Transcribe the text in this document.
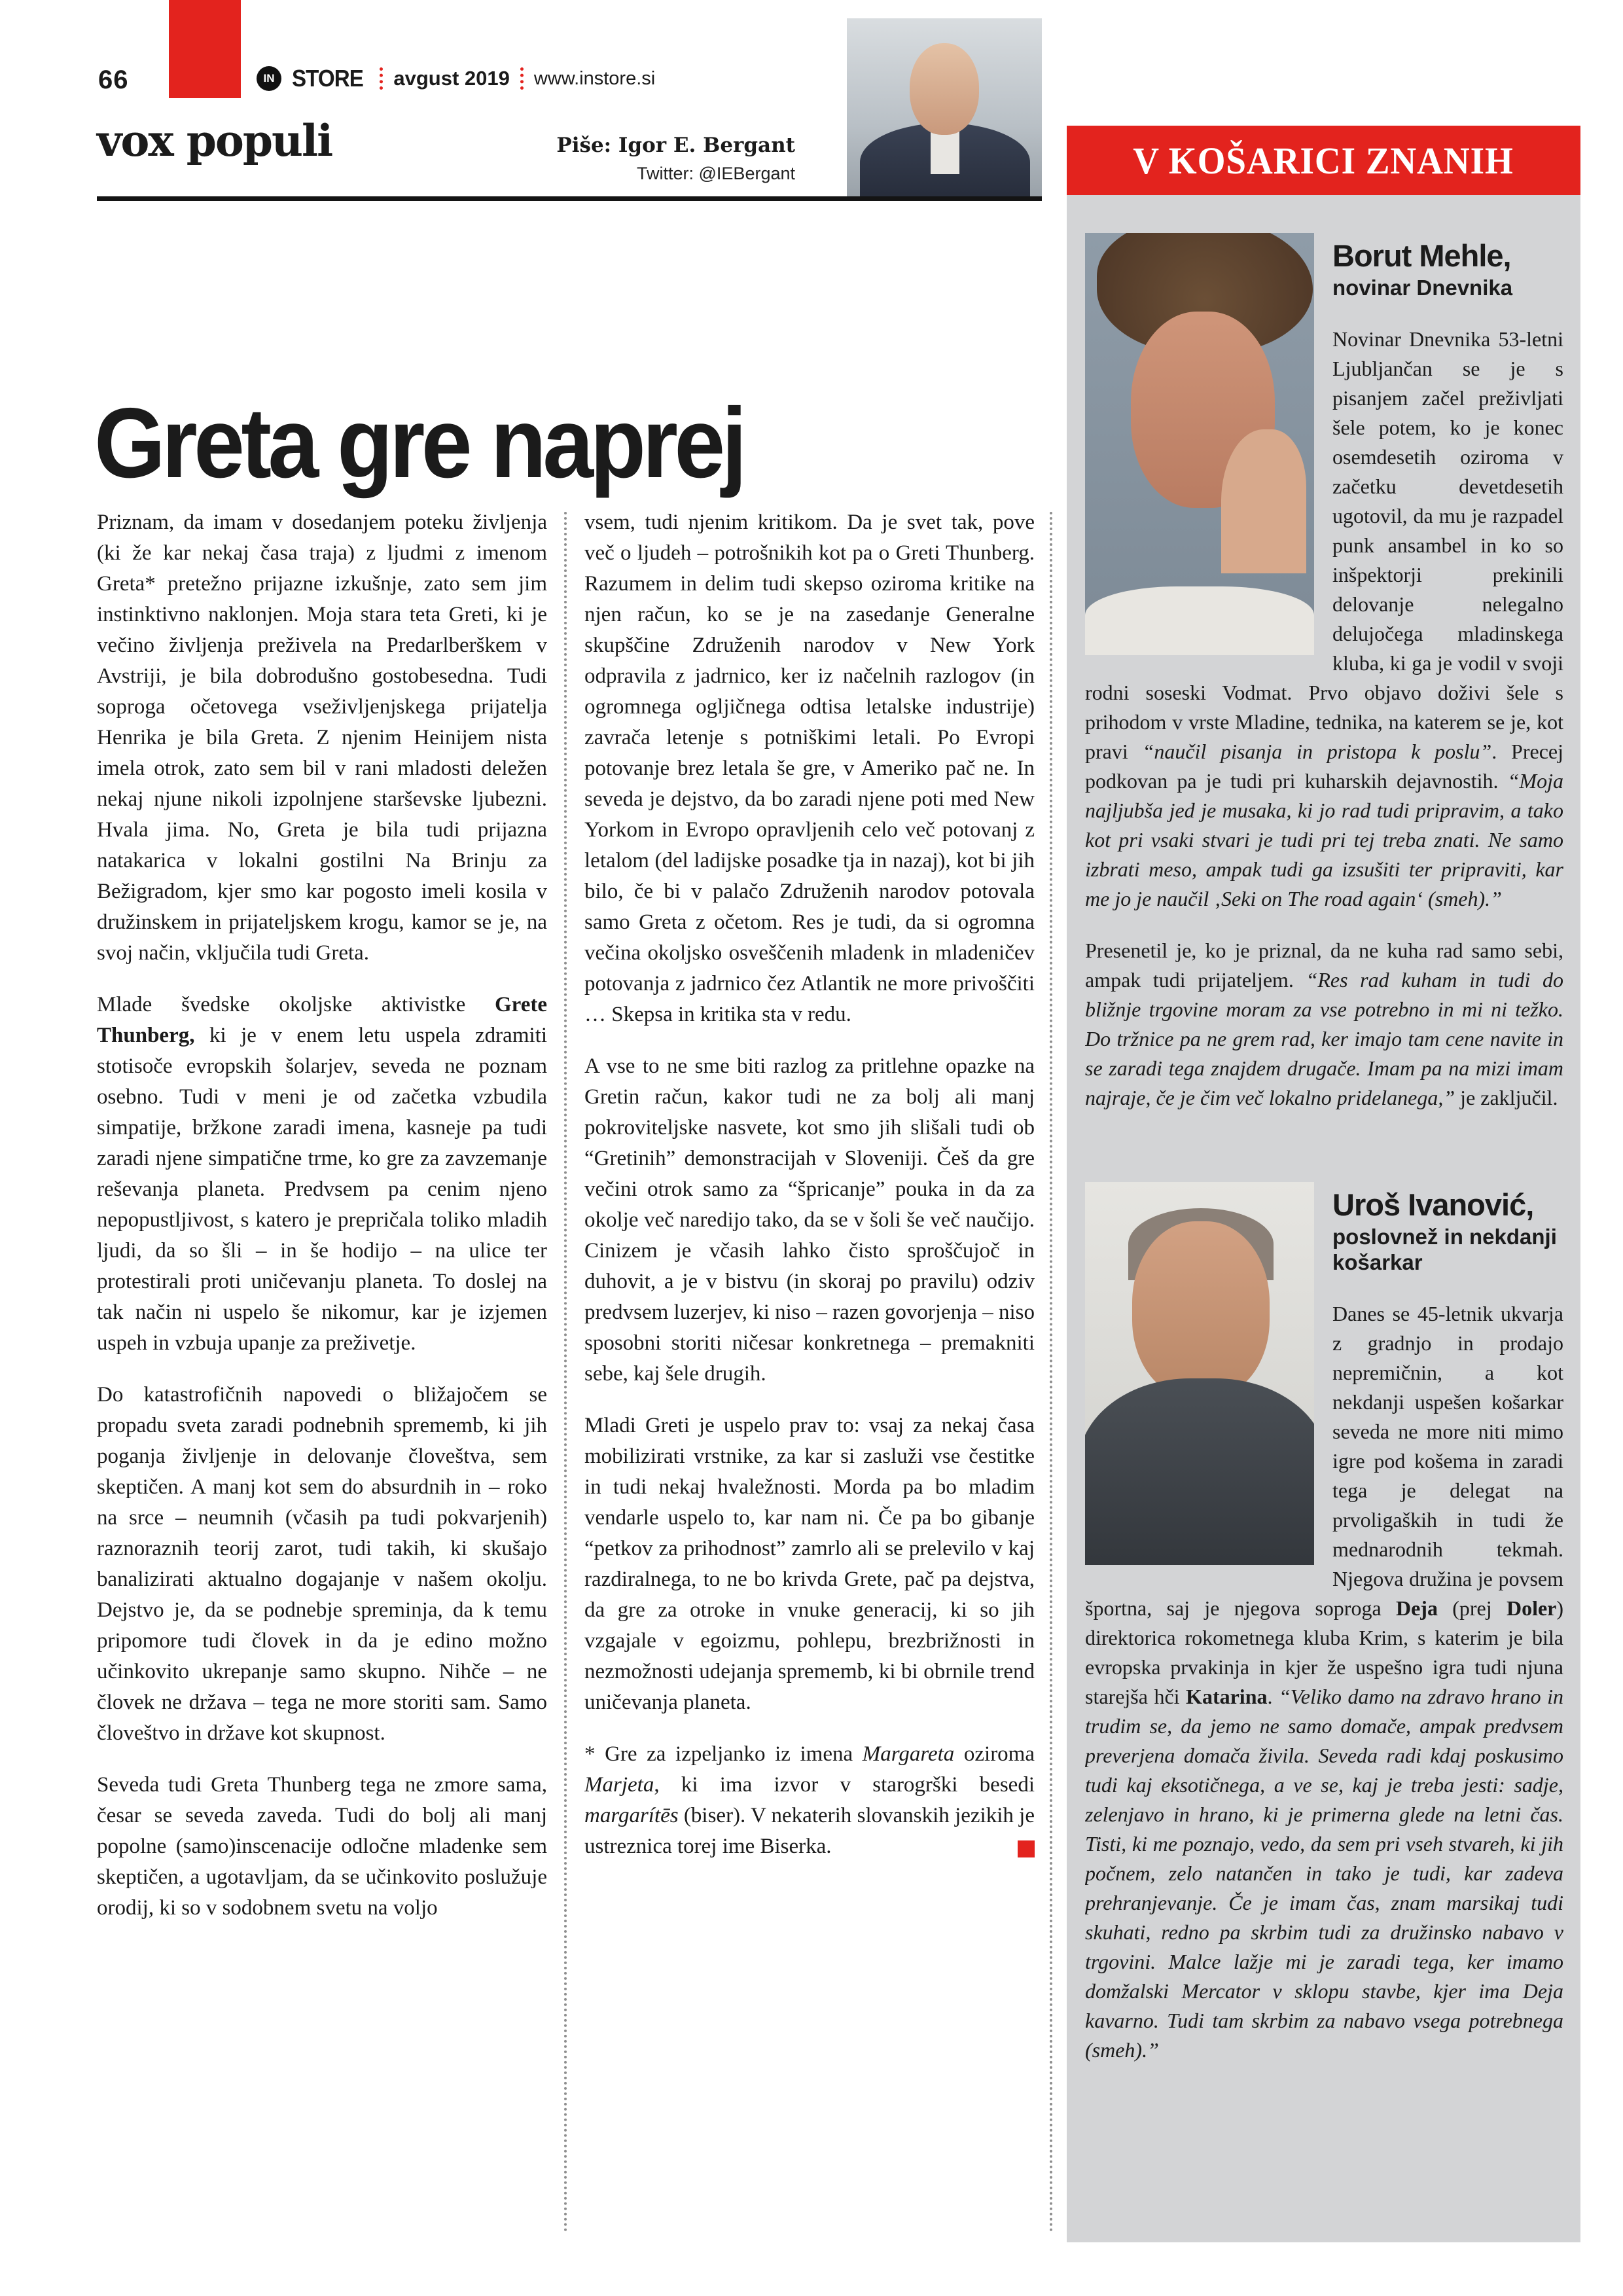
66	IN STORE avgust 2019 www.instore.si
vox populi	Piše: Igor E. Bergant
Twitter: @IEBergant	V KOŠARICI ZNANIH
Borut Mehle,
novinar Dnevnika

Novinar Dnevnika 53-letni Ljubljančan se je s pisanjem začel preživljati šele potem, ko je konec osemdesetih oziroma v začetku devetdesetih ugotovil, da mu je razpadel punk ansambel in ko so inšpektorji prekinili delovanje nelegalno delujočega mladinskega kluba, ki ga je vodil v svoji rodni soseski Vodmat. Prvo objavo doživi šele s prihodom v vrste Mladine, tednika, na katerem se je, kot pravi “naučil pisanja in pristopa k poslu”. Precej podkovan pa je tudi pri kuharskih dejavnostih. “Moja najljubša jed je musaka, ki jo rad tudi pripravim, a tako kot pri vsaki stvari je tudi pri tej treba znati. Ne samo izbrati meso, ampak tudi ga izsušiti ter pripraviti, kar me jo je naučil ‚Seki on The road again‘ (smeh).”

Presenetil je, ko je priznal, da ne kuha rad samo sebi, ampak tudi prijateljem. “Res rad kuham in tudi do bližnje trgovine moram za vse potrebno in mi ni težko. Do tržnice pa ne grem rad, ker imajo tam cene navite in se zaradi tega znajdem drugače. Imam pa na mizi imam najraje, če je čim več lokalno pridelanega,” je zaključil.

Uroš Ivanović,
poslovnež in nekdanji košarkar

Danes se 45-letnik ukvarja z gradnjo in prodajo nepremičnin, a kot nekdanji uspešen košarkar seveda ne more niti mimo igre pod košema in zaradi tega je delegat na prvoligaških in tudi že mednarodnih tekmah. Njegova družina je povsem športna, saj je njegova soproga Deja (prej Doler) direktorica rokometnega kluba Krim, s katerim je bila evropska prvakinja in kjer že uspešno igra tudi njuna starejša hči Katarina. “Veliko damo na zdravo hrano in trudim se, da jemo ne samo domače, ampak predvsem preverjena domača živila. Seveda radi kdaj poskusimo tudi kaj eksotičnega, a ve se, kaj je treba jesti: sadje, zelenjavo in hrano, ki je primerna glede na letni čas. Tisti, ki me poznajo, vedo, da sem pri vseh stvareh, ki jih počnem, zelo natančen in tako je tudi, kar zadeva prehranjevanje. Če je imam čas, znam marsikaj tudi skuhati, redno pa skrbim tudi za družinsko nabavo v trgovini. Malce lažje mi je zaradi tega, ker imamo domžalski Mercator v sklopu stavbe, kjer ima Deja kavarno. Tudi tam skrbim za nabavo vsega potrebnega (smeh).”

Greta gre naprej

Priznam, da imam v dosedanjem poteku življenja (ki že kar nekaj časa traja) z ljudmi z imenom Greta* pretežno prijazne izkušnje, zato sem jim instinktivno naklonjen. Moja stara teta Greti, ki je večino življenja preživela na Predarlberškem v Avstriji, je bila dobrodušno gostobesedna. Tudi soproga očetovega vseživljenjskega prijatelja Henrika je bila Greta. Z njenim Heinijem nista imela otrok, zato sem bil v rani mladosti deležen nekaj njune nikoli izpolnjene starševske ljubezni. Hvala jima. No, Greta je bila tudi prijazna natakarica v lokalni gostilni Na Brinju za Bežigradom, kjer smo kar pogosto imeli kosila v družinskem in prijateljskem krogu, kamor se je, na svoj način, vključila tudi Greta.

Mlade švedske okoljske aktivistke Grete Thunberg, ki je v enem letu uspela zdramiti stotisoče evropskih šolarjev, seveda ne poznam osebno. Tudi v meni je od začetka vzbudila simpatije, bržkone zaradi imena, kasneje pa tudi zaradi njene simpatične trme, ko gre za zavzemanje reševanja planeta. Predvsem pa cenim njeno nepopustljivost, s katero je prepričala toliko mladih ljudi, da so šli – in še hodijo – na ulice ter protestirali proti uničevanju planeta. To doslej na tak način ni uspelo še nikomur, kar je izjemen uspeh in vzbuja upanje za preživetje.

Do katastrofičnih napovedi o bližajočem se propadu sveta zaradi podnebnih sprememb, ki jih poganja življenje in delovanje človeštva, sem skeptičen. A manj kot sem do absurdnih in – roko na srce – neumnih (včasih pa tudi pokvarjenih) raznoraznih teorij zarot, tudi takih, ki skušajo banalizirati aktualno dogajanje v našem okolju. Dejstvo je, da se podnebje spreminja, da k temu pripomore tudi človek in da je edino možno učinkovito ukrepanje samo skupno. Nihče – ne človek ne država – tega ne more storiti sam. Samo človeštvo in države kot skupnost.

Seveda tudi Greta Thunberg tega ne zmore sama, česar se seveda zaveda. Tudi do bolj ali manj popolne (samo)inscenacije odločne mladenke sem skeptičen, a ugotavljam, da se učinkovito poslužuje orodij, ki so v sodobnem svetu na voljo

vsem, tudi njenim kritikom. Da je svet tak, pove več o ljudeh – potrošnikih kot pa o Greti Thunberg. Razumem in delim tudi skepso oziroma kritike na njen račun, ko se je na zasedanje Generalne skupščine Združenih narodov v New York odpravila z jadrnico, ker iz načelnih razlogov (in ogromnega ogljičnega odtisa letalske industrije) zavrača letenje s potniškimi letali. Po Evropi potovanje brez letala še gre, v Ameriko pač ne. In seveda je dejstvo, da bo zaradi njene poti med New Yorkom in Evropo opravljenih celo več potovanj z letalom (del ladijske posadke tja in nazaj), kot bi jih bilo, če bi v palačo Združenih narodov potovala samo Greta z očetom. Res je tudi, da si ogromna večina okoljsko osveščenih mladenk in mladeničev potovanja z jadrnico čez Atlantik ne more privoščiti … Skepsa in kritika sta v redu.

A vse to ne sme biti razlog za pritlehne opazke na Gretin račun, kakor tudi ne za bolj ali manj pokroviteljske nasvete, kot smo jih slišali tudi ob “Gretinih” demonstracijah v Sloveniji. Češ da gre večini otrok samo za “špricanje” pouka in da za okolje več naredijo tako, da se v šoli še več naučijo. Cinizem je včasih lahko čisto sproščujoč in duhovit, a je v bistvu (in skoraj po pravilu) odziv predvsem luzerjev, ki niso – razen govorjenja – niso sposobni storiti ničesar konkretnega – premakniti sebe, kaj šele drugih.

Mladi Greti je uspelo prav to: vsaj za nekaj časa mobilizirati vrstnike, za kar si zasluži vse čestitke in tudi nekaj hvaležnosti. Morda pa bo mladim vendarle uspelo to, kar nam ni. Če pa bo gibanje “petkov za prihodnost” zamrlo ali se prelevilo v kaj razdiralnega, to ne bo krivda Grete, pač pa dejstva, da gre za otroke in vnuke generacij, ki so jih vzgajale v egoizmu, pohlepu, brezbrižnosti in nezmožnosti udejanja sprememb, ki bi obrnile trend uničevanja planeta.

* Gre za izpeljanko iz imena Margareta oziroma Marjeta, ki ima izvor v starogrški besedi margarítēs (biser). V nekaterih slovanskih jezikih je ustreznica torej ime Biserka.
